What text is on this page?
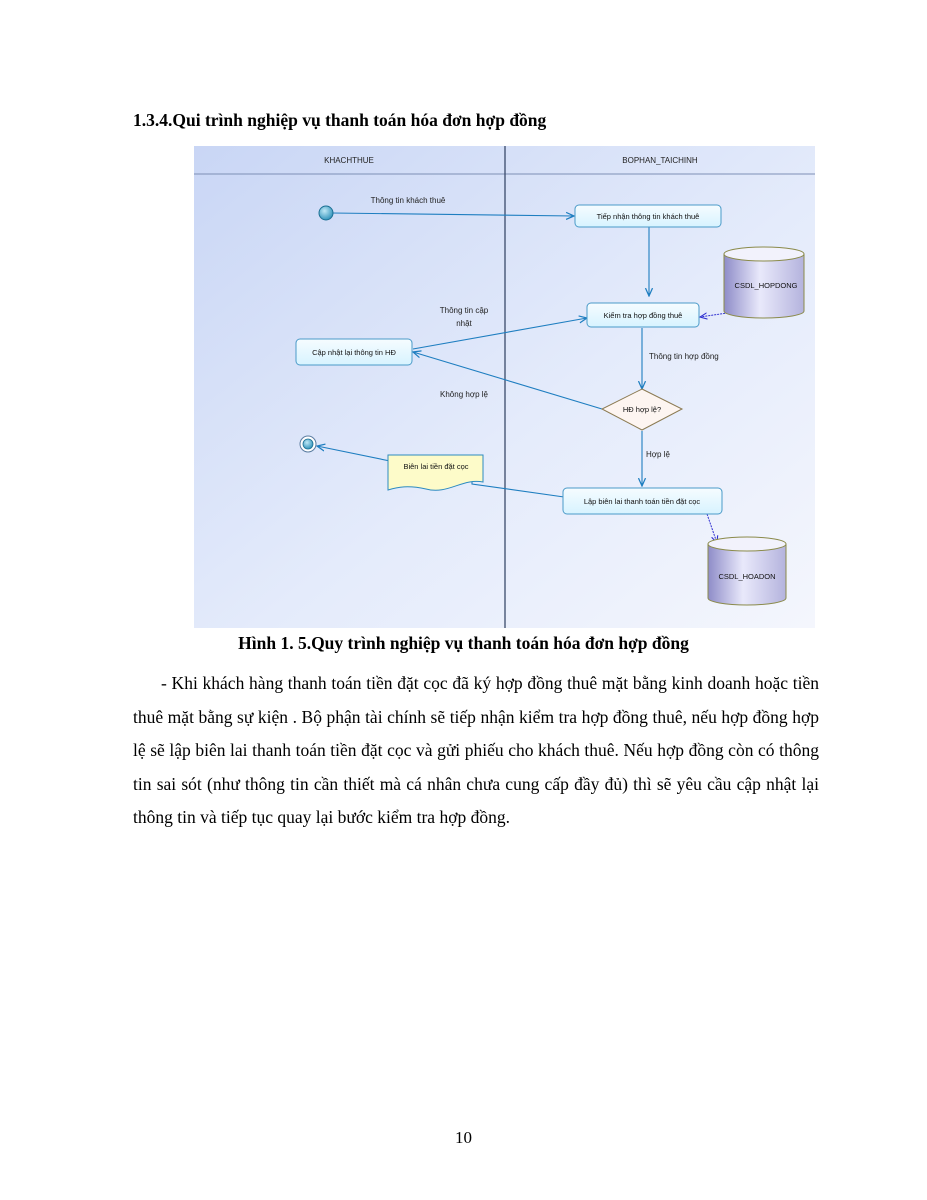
1.3.4.Qui trình nghiệp vụ thanh toán hóa đơn hợp đồng
KHACHTHUE	BOPHAN_TAICHINH
Thông tin khách thuê
Thông tin cập
nhật
Thông tin hợp đồng
Không hợp lệ
Hợp lệ
Tiếp nhận thông tin khách thuê
Kiểm tra hợp đồng thuê
Cập nhật lại thông tin HĐ
Lập biên lai thanh toán tiền đặt cọc
HĐ hợp lệ?
Biên lai tiền đặt cọc
CSDL_HOPDONG
CSDL_HOADON
Hình 1. 5.Quy trình nghiệp vụ thanh toán hóa đơn hợp đồng

- Khi khách hàng thanh toán tiền đặt cọc đã ký hợp đồng thuê mặt bằng kinh doanh hoặc tiền thuê mặt bằng sự kiện . Bộ phận tài chính sẽ tiếp nhận kiểm tra hợp đồng thuê, nếu hợp đồng hợp lệ sẽ lập biên lai thanh toán tiền đặt cọc và gửi phiếu cho khách thuê. Nếu hợp đồng còn có thông tin sai sót (như thông tin cần thiết mà cá nhân chưa cung cấp đầy đủ) thì sẽ yêu cầu cập nhật lại thông tin và tiếp tục quay lại bước kiểm tra hợp đồng.

10
